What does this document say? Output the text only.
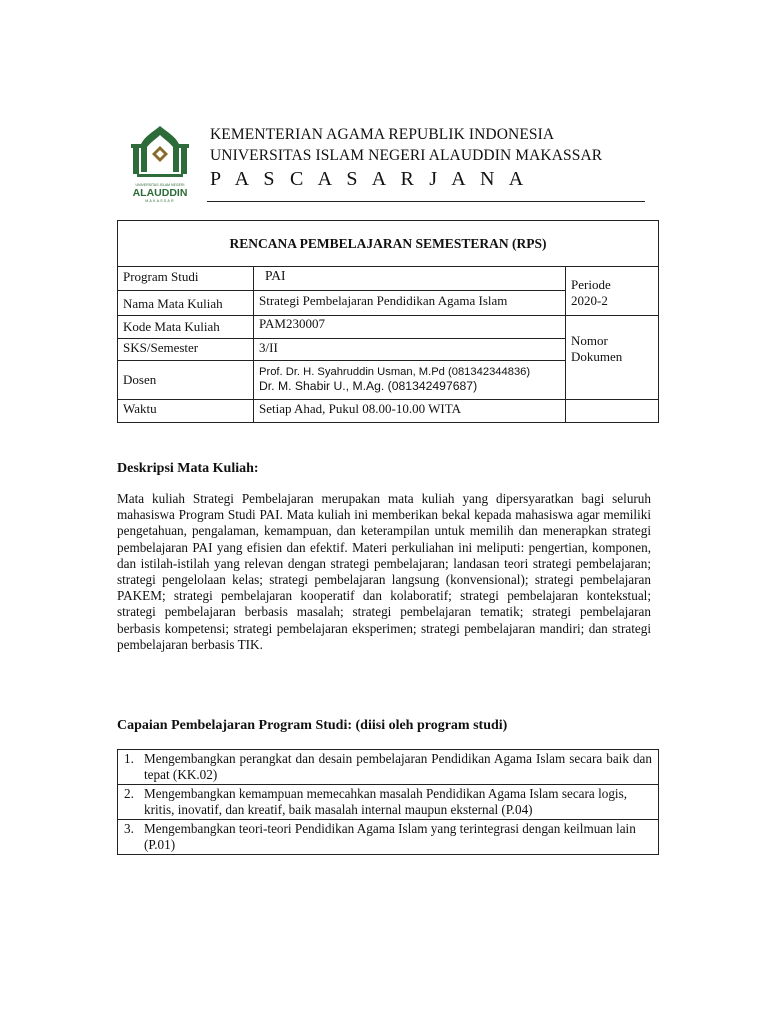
UNIVERSITAS ISLAM NEGERI
ALAUDDIN
MAKASSAR
KEMENTERIAN AGAMA REPUBLIK INDONESIA
UNIVERSITAS ISLAM NEGERI ALAUDDIN MAKASSAR
P A S C A S A R J A N A
RENCANA PEMBELAJARAN SEMESTERAN (RPS)		
Program Studi	PAI	Periode
2020-2

Nama Mata Kuliah	Strategi Pembelajaran Pendidikan Agama Islam	
Kode Mata Kuliah	PAM230007	Nomor
Dokumen

SKS/Semester	3/II	
Dosen	Prof. Dr. H. Syahruddin Usman, M.Pd (081342344836)
Dr. M. Shabir U., M.Ag. (081342497687)	

Waktu	Setiap Ahad, Pukul 08.00-10.00 WITA	
Deskripsi Mata Kuliah:
Mata kuliah Strategi Pembelajaran merupakan mata kuliah yang dipersyaratkan bagi seluruh mahasiswa Program Studi PAI. Mata kuliah ini memberikan bekal kepada mahasiswa agar memiliki pengetahuan, pengalaman, kemampuan, dan keterampilan untuk memilih dan menerapkan strategi pembelajaran PAI yang efisien dan efektif. Materi perkuliahan ini meliputi: pengertian, komponen, dan istilah-istilah yang relevan dengan strategi pembelajaran; landasan teori strategi pembelajaran; strategi pengelolaan kelas; strategi pembelajaran langsung (konvensional); strategi pembelajaran PAKEM; strategi pembelajaran kooperatif dan kolaboratif; strategi pembelajaran kontekstual; strategi pembelajaran berbasis masalah; strategi pembelajaran tematik; strategi pembelajaran berbasis kompetensi; strategi pembelajaran eksperimen; strategi pembelajaran mandiri; dan strategi pembelajaran berbasis TIK.
Capaian Pembelajaran Program Studi: (diisi oleh program studi)
1. Mengembangkan perangkat dan desain pembelajaran Pendidikan Agama Islam secara baik dan tepat (KK.02)

2. Mengembangkan kemampuan memecahkan masalah Pendidikan Agama Islam secara logis, kritis, inovatif, dan kreatif, baik masalah internal maupun eksternal (P.04)

3. Mengembangkan teori-teori Pendidikan Agama Islam yang terintegrasi dengan keilmuan lain (P.01)
